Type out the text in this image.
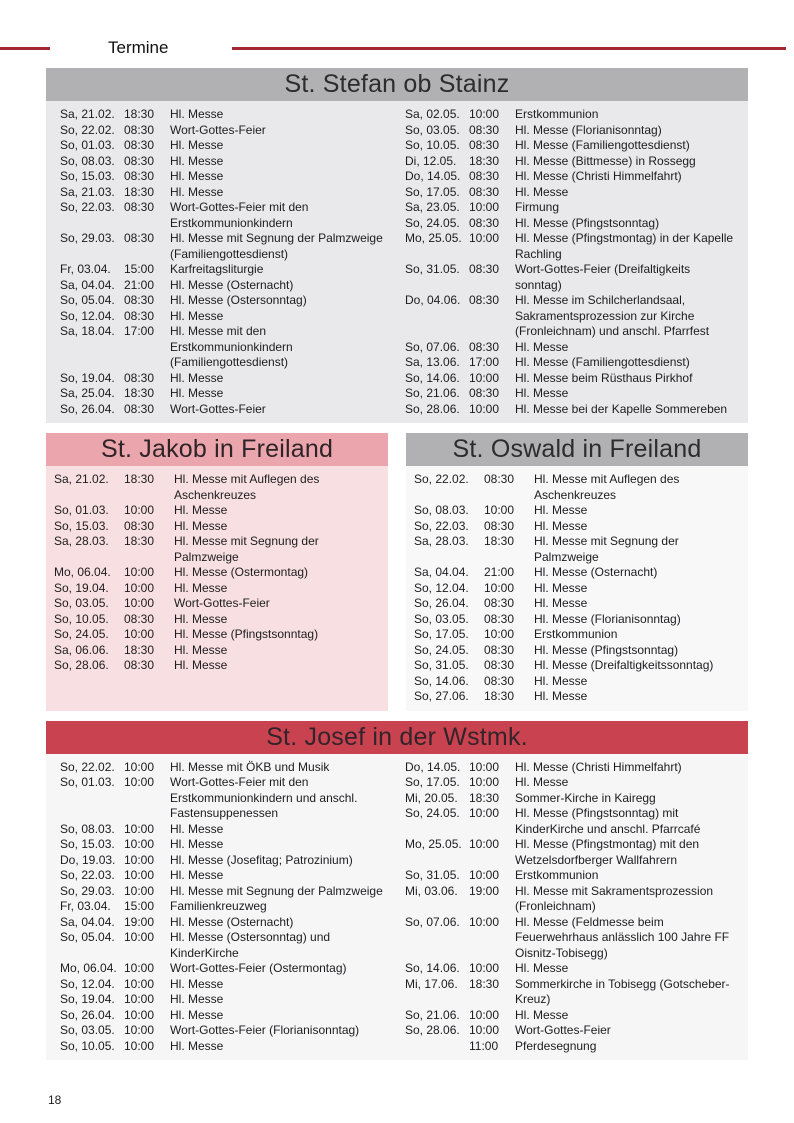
Termine
St. Stefan ob Stainz
Sa, 21.02. 18:30	Hl. Messe
So, 22.02. 08:30	Wort-Gottes-Feier
So, 01.03. 08:30	Hl. Messe
So, 08.03. 08:30	Hl. Messe
So, 15.03. 08:30	Hl. Messe
Sa, 21.03. 18:30	Hl. Messe
So, 22.03. 08:30	Wort-Gottes-Feier mit den Erstkommunionkindern
So, 29.03. 08:30	Hl. Messe mit Segnung der Palmzweige (Familiengottesdienst)
Fr, 03.04.	15:00	Karfreitagsliturgie
Sa, 04.04. 21:00	Hl. Messe (Osternacht)
So, 05.04. 08:30	Hl. Messe (Ostersonntag)
So, 12.04. 08:30	Hl. Messe
Sa, 18.04. 17:00	Hl. Messe mit den Erstkommunionkindern (Familiengottesdienst)
So, 19.04. 08:30	Hl. Messe
Sa, 25.04. 18:30	Hl. Messe
So, 26.04. 08:30	Wort-Gottes-Feier
Sa, 02.05. 10:00	Erstkommunion
So, 03.05. 08:30	Hl. Messe (Florianisonntag)
So, 10.05. 08:30	Hl. Messe (Familiengottesdienst)
Di, 12.05.	18:30	Hl. Messe (Bittmesse) in Rossegg
Do, 14.05. 08:30	Hl. Messe (Christi Himmelfahrt)
So, 17.05. 08:30	Hl. Messe
Sa, 23.05. 10:00	Firmung
So, 24.05. 08:30	Hl. Messe (Pfingstsonntag)
Mo, 25.05. 10:00	Hl. Messe (Pfingstmontag) in der Kapelle Rachling
So, 31.05. 08:30	Wort-Gottes-Feier (Dreifaltigkeits sonntag)
Do, 04.06. 08:30	Hl. Messe im Schilcherlandsaal, Sakramentsprozession zur Kirche (Fronleichnam) und anschl. Pfarrfest
So, 07.06. 08:30	Hl. Messe
Sa, 13.06. 17:00	Hl. Messe (Familiengottesdienst)
So, 14.06. 10:00	Hl. Messe beim Rüsthaus Pirkhof
So, 21.06. 08:30	Hl. Messe
So, 28.06. 10:00	Hl. Messe bei der Kapelle Sommereben
St. Jakob in Freiland
Sa, 21.02.	18:30	Hl. Messe mit Auflegen des Aschenkreuzes
So, 01.03.	10:00	Hl. Messe
So, 15.03.	08:30	Hl. Messe
Sa, 28.03.	18:30	Hl. Messe mit Segnung der Palmzweige
Mo, 06.04.	10:00	Hl. Messe (Ostermontag)
So, 19.04.	10:00	Hl. Messe
So, 03.05.	10:00	Wort-Gottes-Feier
So, 10.05.	08:30	Hl. Messe
So, 24.05.	10:00	Hl. Messe (Pfingstsonntag)
Sa, 06.06.	18:30	Hl. Messe
So, 28.06.	08:30	Hl. Messe
St. Oswald in Freiland
So, 22.02.	08:30	Hl. Messe mit Auflegen des Aschenkreuzes
So, 08.03.	10:00	Hl. Messe
So, 22.03.	08:30	Hl. Messe
Sa, 28.03.	18:30	Hl. Messe mit Segnung der Palmzweige
Sa, 04.04.	21:00	Hl. Messe (Osternacht)
So, 12.04.	10:00	Hl. Messe
So, 26.04.	08:30	Hl. Messe
So, 03.05.	08:30	Hl. Messe (Florianisonntag)
So, 17.05.	10:00	Erstkommunion
So, 24.05.	08:30	Hl. Messe (Pfingstsonntag)
So, 31.05.	08:30	Hl. Messe (Dreifaltigkeitssonntag)
So, 14.06.	08:30	Hl. Messe
So, 27.06.	18:30	Hl. Messe
St. Josef in der Wstmk.
So, 22.02. 10:00	Hl. Messe mit ÖKB und Musik
So, 01.03. 10:00	Wort-Gottes-Feier mit den Erstkommunionkindern und anschl. Fastensuppenessen
So, 08.03. 10:00	Hl. Messe
So, 15.03. 10:00	Hl. Messe
Do, 19.03. 10:00	Hl. Messe (Josefitag; Patrozinium)
So, 22.03. 10:00	Hl. Messe
So, 29.03. 10:00	Hl. Messe mit Segnung der Palmzweige
Fr, 03.04.	15:00	Familienkreuzweg
Sa, 04.04. 19:00	Hl. Messe (Osternacht)
So, 05.04. 10:00	Hl. Messe (Ostersonntag) und KinderKirche
Mo, 06.04. 10:00	Wort-Gottes-Feier (Ostermontag)
So, 12.04. 10:00	Hl. Messe
So, 19.04. 10:00	Hl. Messe
So, 26.04. 10:00	Hl. Messe
So, 03.05. 10:00	Wort-Gottes-Feier (Florianisonntag)
So, 10.05. 10:00	Hl. Messe
Do, 14.05. 10:00	Hl. Messe (Christi Himmelfahrt)
So, 17.05. 10:00	Hl. Messe
Mi, 20.05. 18:30	Sommer-Kirche in Kairegg
So, 24.05. 10:00	Hl. Messe (Pfingstsonntag) mit KinderKirche und anschl. Pfarrcafé
Mo, 25.05. 10:00	Hl. Messe (Pfingstmontag) mit den Wetzelsdorfberger Wallfahrern
So, 31.05. 10:00	Erstkommunion
Mi, 03.06. 19:00	Hl. Messe mit Sakramentsprozession (Fronleichnam)
So, 07.06. 10:00	Hl. Messe (Feldmesse beim Feuerwehrhaus anlässlich 100 Jahre FF Oisnitz-Tobisegg)
So, 14.06. 10:00	Hl. Messe
Mi, 17.06. 18:30	Sommerkirche in Tobisegg (Gotscheber-Kreuz)
So, 21.06. 10:00	Hl. Messe
So, 28.06. 10:00	Wort-Gottes-Feier
11:00	Pferdesegnung
18
